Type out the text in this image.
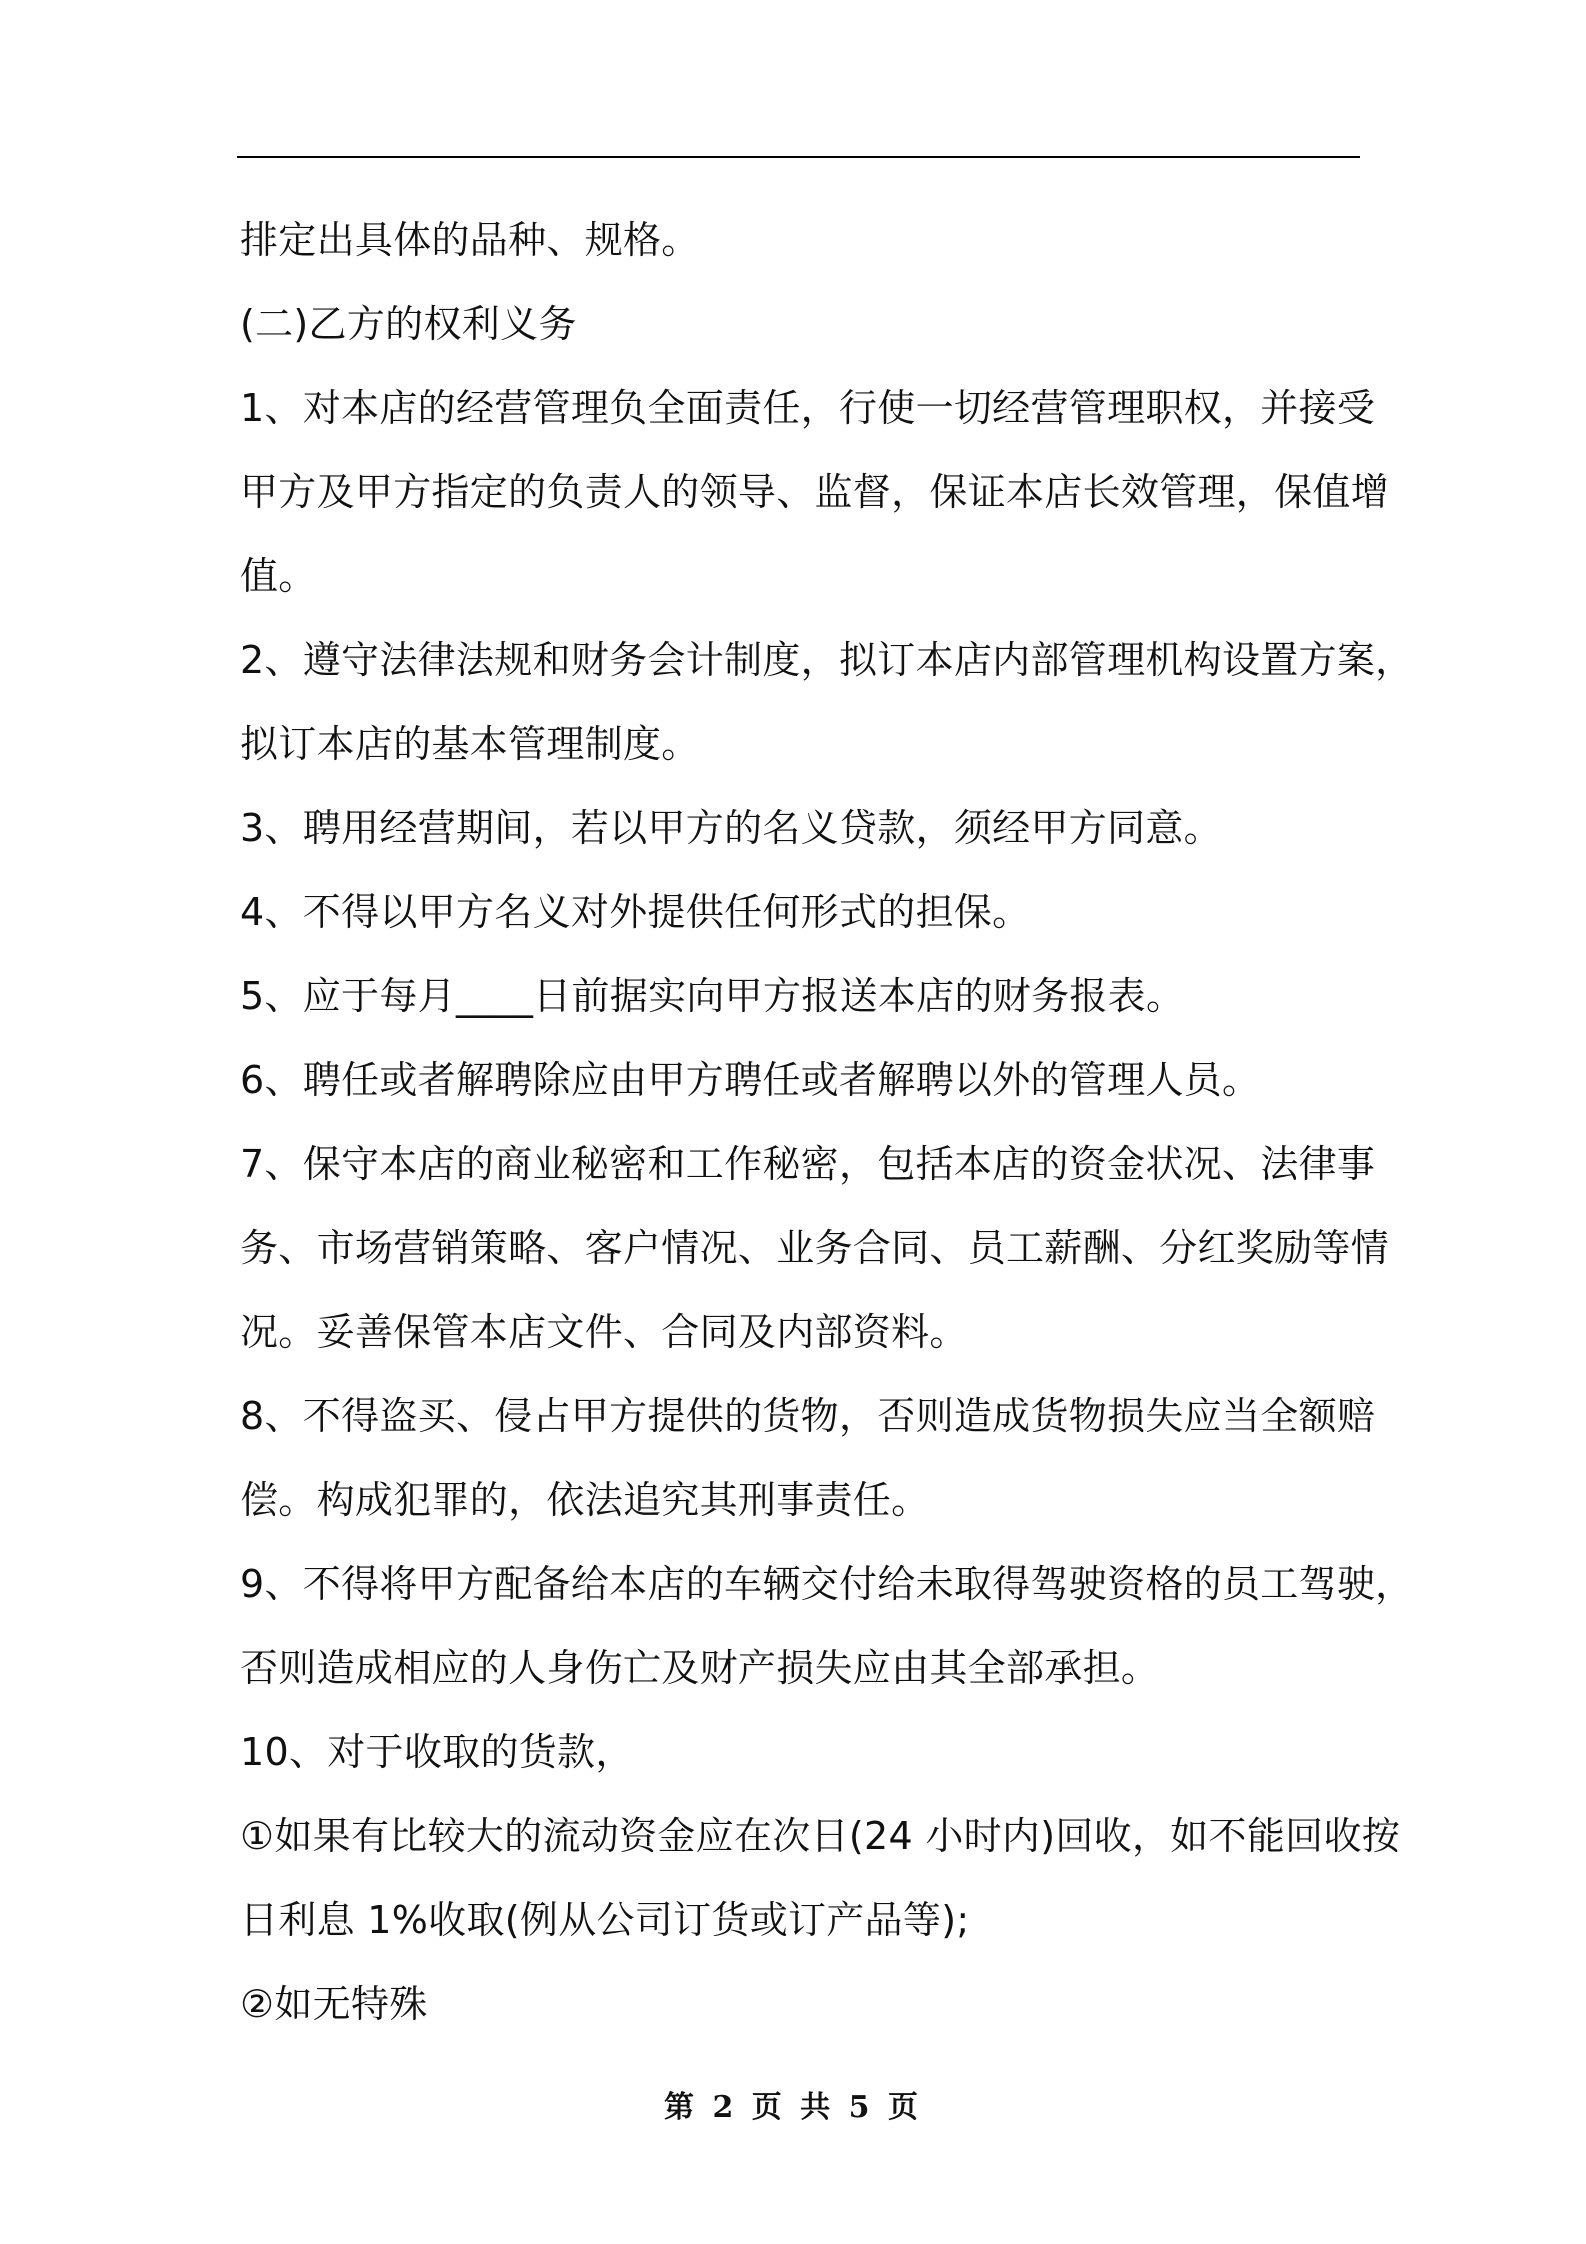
排定出具体的品种、规格。
(二)乙方的权利义务
1、对本店的经营管理负全面责任，行使一切经营管理职权，并接受
甲方及甲方指定的负责人的领导、监督，保证本店长效管理，保值增
值。
2、遵守法律法规和财务会计制度，拟订本店内部管理机构设置方案，
拟订本店的基本管理制度。
3、聘用经营期间，若以甲方的名义贷款，须经甲方同意。
4、不得以甲方名义对外提供任何形式的担保。
5、应于每月____日前据实向甲方报送本店的财务报表。
6、聘任或者解聘除应由甲方聘任或者解聘以外的管理人员。
7、保守本店的商业秘密和工作秘密，包括本店的资金状况、法律事
务、市场营销策略、客户情况、业务合同、员工薪酬、分红奖励等情
况。妥善保管本店文件、合同及内部资料。
8、不得盗买、侵占甲方提供的货物，否则造成货物损失应当全额赔
偿。构成犯罪的，依法追究其刑事责任。
9、不得将甲方配备给本店的车辆交付给未取得驾驶资格的员工驾驶，
否则造成相应的人身伤亡及财产损失应由其全部承担。
10、对于收取的货款，
①如果有比较大的流动资金应在次日(24 小时内)回收，如不能回收按
日利息 1%收取(例从公司订货或订产品等);
②如无特殊
第 2 页 共 5 页
